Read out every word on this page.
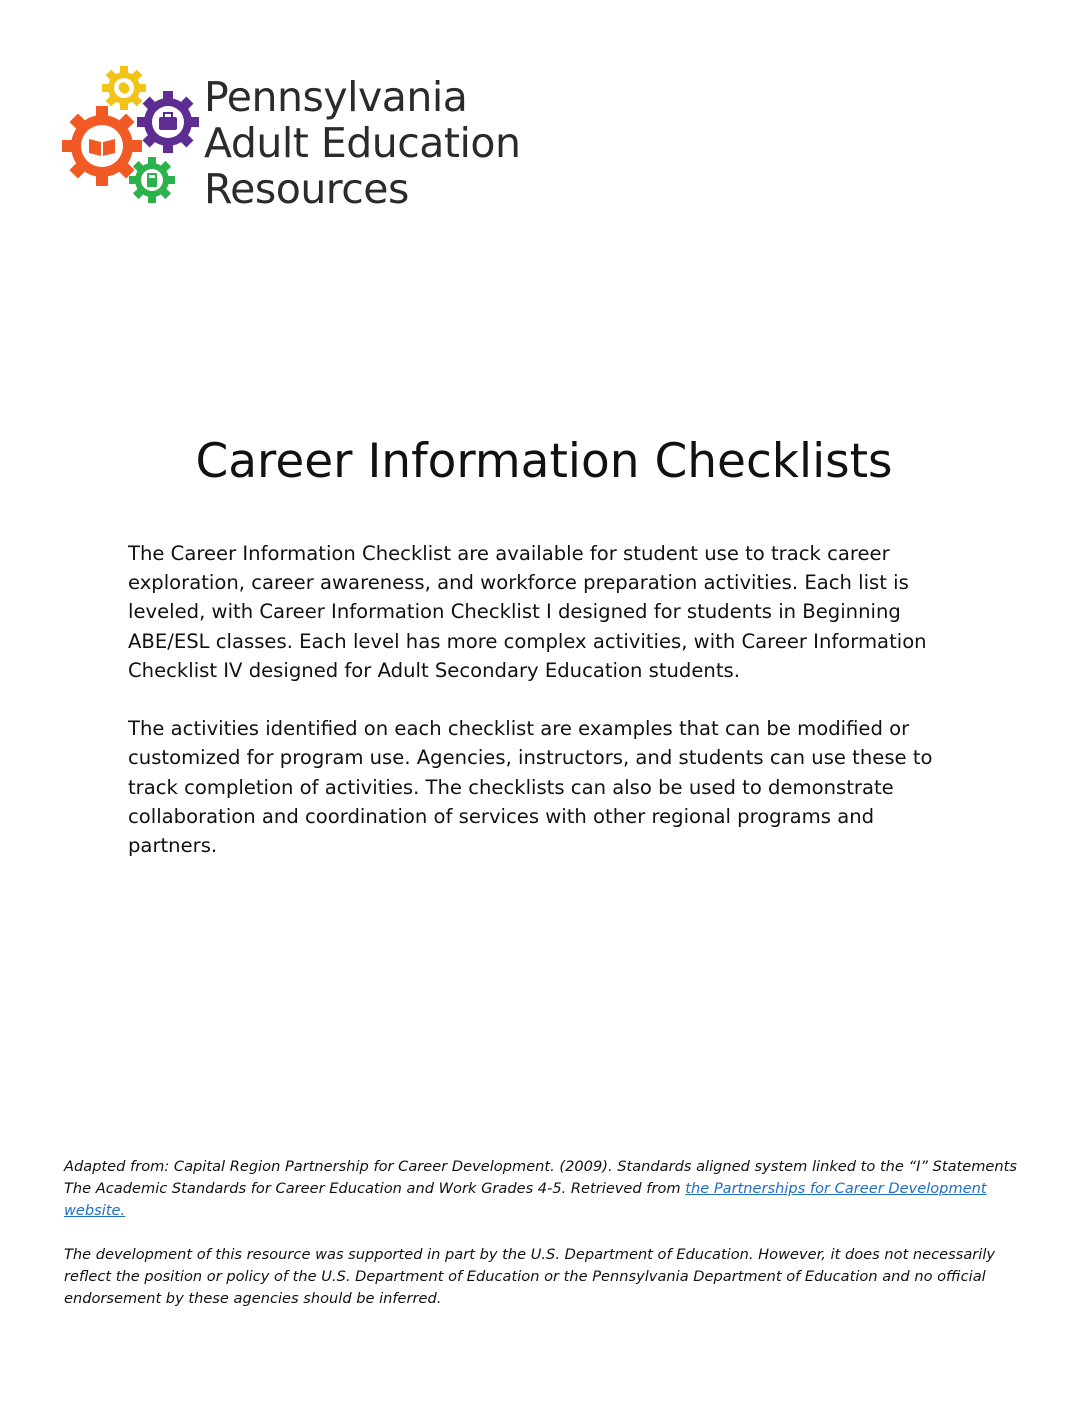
Pennsylvania
Adult Education
Resources
Career Information Checklists

The Career Information Checklist are available for student use to track career exploration, career awareness, and workforce preparation activities. Each list is leveled, with Career Information Checklist I designed for students in Beginning ABE/ESL classes. Each level has more complex activities, with Career Information Checklist IV designed for Adult Secondary Education students.

The activities identified on each checklist are examples that can be modified or customized for program use. Agencies, instructors, and students can use these to track completion of activities. The checklists can also be used to demonstrate collaboration and coordination of services with other regional programs and partners.

Adapted from: Capital Region Partnership for Career Development. (2009). Standards aligned system linked to the “I” Statements The Academic Standards for Career Education and Work Grades 4-5. Retrieved from the Partnerships for Career Development website.

The development of this resource was supported in part by the U.S. Department of Education. However, it does not necessarily reflect the position or policy of the U.S. Department of Education or the Pennsylvania Department of Education and no official endorsement by these agencies should be inferred.
